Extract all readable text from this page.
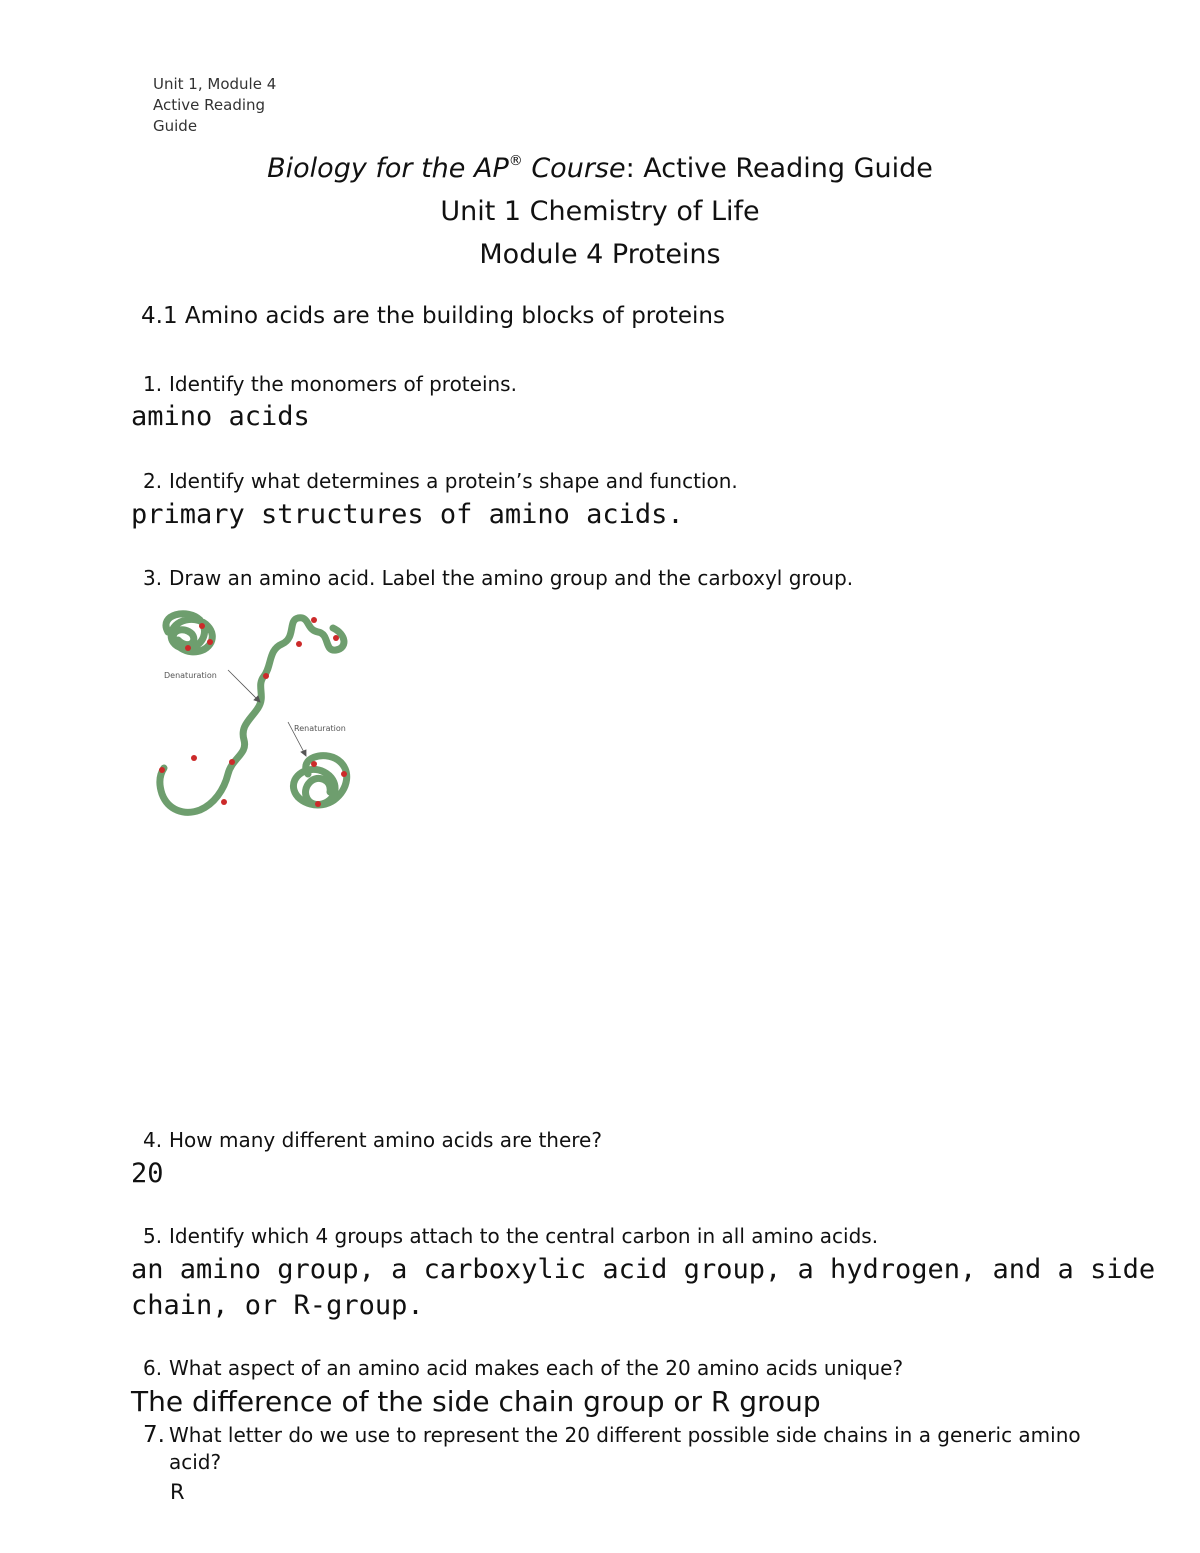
Unit 1, Module 4
Active Reading
Guide
Biology for the AP® Course: Active Reading Guide
Unit 1 Chemistry of Life
Module 4 Proteins
4.1 Amino acids are the building blocks of proteins
1. Identify the monomers of proteins.
amino acids
2. Identify what determines a protein’s shape and function.
primary structures of amino acids.
3. Draw an amino acid. Label the amino group and the carboxyl group.
Denaturation
Renaturation
4. How many different amino acids are there?
20
5. Identify which 4 groups attach to the central carbon in all amino acids.
an amino group, a carboxylic acid group, a hydrogen, and a side
chain, or R-group.
6. What aspect of an amino acid makes each of the 20 amino acids unique?
The difference of the side chain group or R group
7. What letter do we use to represent the 20 different possible side chains in a generic amino acid?
R
